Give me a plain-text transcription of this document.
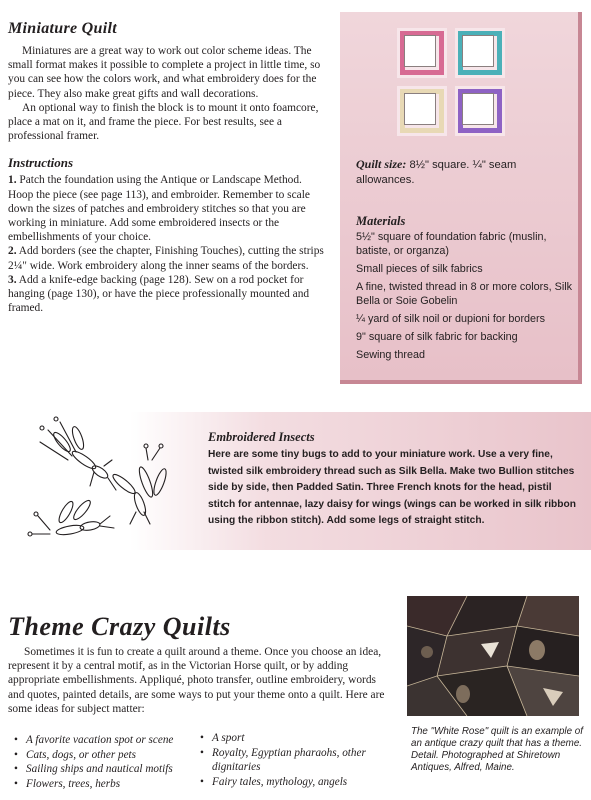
Miniature Quilt

Miniatures are a great way to work out color scheme ideas. The small format makes it possible to complete a project in little time, so you can see how the colors work, and what embroidery does for the piece. They also make great gifts and wall decorations.

An optional way to finish the block is to mount it onto foamcore, place a mat on it, and frame the piece. For best results, see a professional framer.

Instructions

1. Patch the foundation using the Antique or Landscape Method. Hoop the piece (see page 113), and embroider. Remember to scale down the sizes of patches and embroidery stitches so that you are working in miniature. Add some embroidered insects or the embellishments of your choice.

2. Add borders (see the chapter, Finishing Touches), cutting the strips 2¼" wide. Work embroidery along the inner seams of the borders.

3. Add a knife-edge backing (page 128). Sew on a rod pocket for hanging (page 130), or have the piece professionally mounted and framed.

Quilt size: 8½" square. ¼" seam allowances.
Materials
5½" square of foundation fabric (muslin, batiste, or organza)
Small pieces of silk fabrics
A fine, twisted thread in 8 or more colors, Silk Bella or Soie Gobelin
¼ yard of silk noil or dupioni for borders
9" square of silk fabric for backing
Sewing thread
Embroidered Insects

Here are some tiny bugs to add to your miniature work. Use a very fine, twisted silk embroidery thread such as Silk Bella. Make two Bullion stitches side by side, then Padded Satin. Three French knots for the head, pistil stitch for antennae, lazy daisy for wings (wings can be worked in silk ribbon using the ribbon stitch). Add some legs of straight stitch.

Theme Crazy Quilts

Sometimes it is fun to create a quilt around a theme. Once you choose an idea, represent it by a central motif, as in the Victorian Horse quilt, or by adding appropriate embellishments. Appliqué, photo transfer, outline embroidery, words and quotes, painted details, are some ways to put your theme onto a quilt. Here are some ideas for subject matter:

• A favorite vacation spot or scene
• Cats, dogs, or other pets
• Sailing ships and nautical motifs
• Flowers, trees, herbs
• A sport
• Royalty, Egyptian pharaohs, other dignitaries
• Fairy tales, mythology, angels

The "White Rose" quilt is an example of an antique crazy quilt that has a theme. Detail. Photographed at Shiretown Antiques, Alfred, Maine.
